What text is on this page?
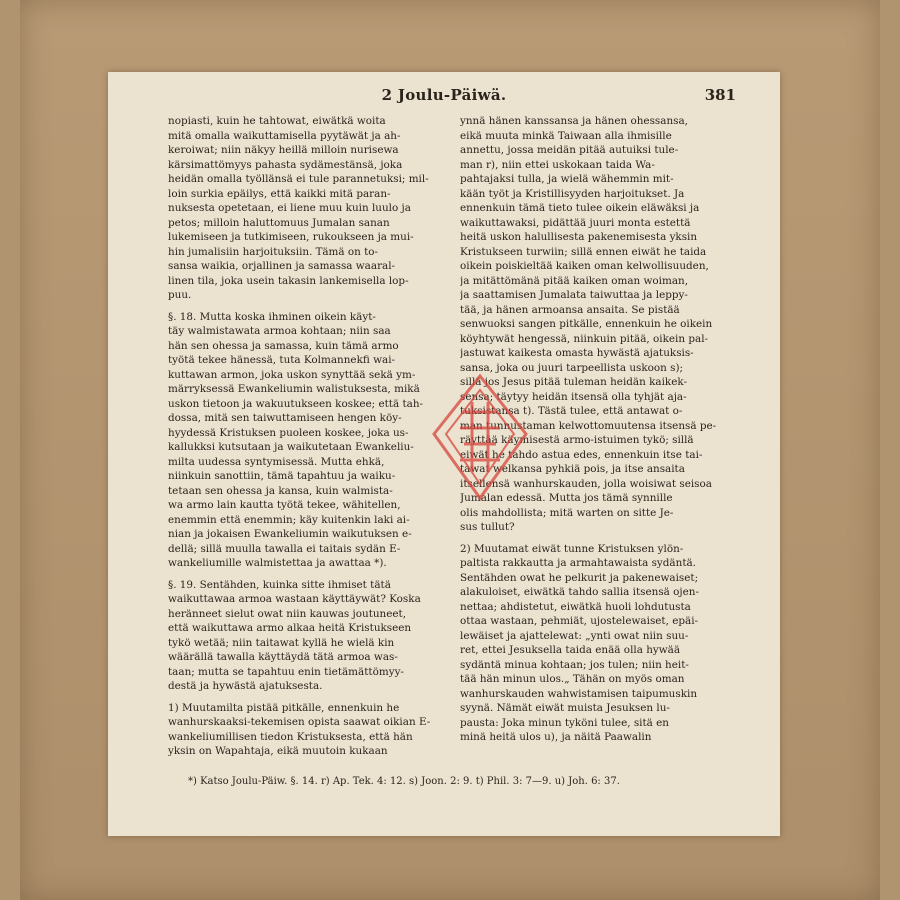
2 Joulu-Päiwä.	381
nopiasti, kuin he tahtowat, eiwätkä woita
mitä omalla waikuttamisella pyytäwät ja ah-
keroiwat; niin näkyy heillä milloin nurisewa
kärsimattömyys pahasta sydämestänsä, joka
heidän omalla työllänsä ei tule parannetuksi; mil-
loin surkia epäilys, että kaikki mitä paran-
nuksesta opetetaan, ei liene muu kuin luulo ja
petos; milloin haluttomuus Jumalan sanan
lukemiseen ja tutkimiseen, rukoukseen ja mui-
hin jumalisiin harjoituksiin. Tämä on to-
sansa waikia, orjallinen ja samassa waaral-
linen tila, joka usein takasin lankemisella lop-
puu.
§. 18. Mutta koska ihminen oikein käyt-
täy walmistawata armoa kohtaan; niin saa
hän sen ohessa ja samassa, kuin tämä armo
työtä tekee hänessä, tuta Kolmannekfi wai-
kuttawan armon, joka uskon synyttää sekä ym-
märryksessä Ewankeliumin walistuksesta, mikä
uskon tietoon ja wakuutukseen koskee; että tah-
dossa, mitä sen taiwuttamiseen hengen köy-
hyydessä Kristuksen puoleen koskee, joka us-
kallukksi kutsutaan ja waikutetaan Ewankeliu-
milta uudessa syntymisessä. Mutta ehkä,
niinkuin sanottiin, tämä tapahtuu ja waiku-
tetaan sen ohessa ja kansa, kuin walmista-
wa armo lain kautta työtä tekee, wähitellen,
enemmin että enemmin; käy kuitenkin laki ai-
nian ja jokaisen Ewankeliumin waikutuksen e-
dellä; sillä muulla tawalla ei taitais sydän E-
wankeliumille walmistettaa ja awattaa *).
§. 19. Sentähden, kuinka sitte ihmiset tätä
waikuttawaa armoa wastaan käyttäywät? Koska
heränneet sielut owat niin kauwas joutuneet,
että waikuttawa armo alkaa heitä Kristukseen
tykö wetää; niin taitawat kyllä he wielä kin
wäärällä tawalla käyttäydä tätä armoa was-
taan; mutta se tapahtuu enin tietämättömyy-
destä ja hywästä ajatuksesta.
1) Muutamilta pistää pitkälle, ennenkuin he
wanhurskaaksi-tekemisen opista saawat oikian E-
wankeliumillisen tiedon Kristuksesta, että hän
yksin on Wapahtaja, eikä muutoin kukaan
ynnä hänen kanssansa ja hänen ohessansa,
eikä muuta minkä Taiwaan alla ihmisille
annettu, jossa meidän pitää autuiksi tule-
man r), niin ettei uskokaan taida Wa-
pahtajaksi tulla, ja wielä wähemmin mit-
kään työt ja Kristillisyyden harjoitukset. Ja
ennenkuin tämä tieto tulee oikein eläwäksi ja
waikuttawaksi, pidättää juuri monta estettä
heitä uskon halullisesta pakenemisesta yksin
Kristukseen turwiin; sillä ennen eiwät he taida
oikein poiskieltää kaiken oman kelwollisuuden,
ja mitättömänä pitää kaiken oman woiman,
ja saattamisen Jumalata taiwuttaa ja leppy-
tää, ja hänen armoansa ansaita. Se pistää
senwuoksi sangen pitkälle, ennenkuin he oikein
köyhtywät hengessä, niinkuin pitää, oikein pal-
jastuwat kaikesta omasta hywästä ajatuksis-
sansa, joka ou juuri tarpeellista uskoon s);
sillä jos Jesus pitää tuleman heidän kaikek-
sensa; täytyy heidän itsensä olla tyhjät aja-
tuksistansa t). Tästä tulee, että antawat o-
man tunnustaman kelwottomuutensa itsensä pe-
räyttää käymisestä armo-istuimen tykö; sillä
eiwät he tahdo astua edes, ennenkuin itse tai-
tawat welkansa pyhkiä pois, ja itse ansaita
itsellensä wanhurskauden, jolla woisiwat seisoa
Jumalan edessä. Mutta jos tämä synnille
olis mahdollista; mitä warten on sitte Je-
sus tullut?
2) Muutamat eiwät tunne Kristuksen ylön-
paltista rakkautta ja armahtawaista sydäntä.
Sentähden owat he pelkurit ja pakenewaiset;
alakuloiset, eiwätkä tahdo sallia itsensä ojen-
nettaa; ahdistetut, eiwätkä huoli lohdutusta
ottaa wastaan, pehmiät, ujostelewaiset, epäi-
lewäiset ja ajattelewat: „ynti owat niin suu-
ret, ettei Jesuksella taida enää olla hywää
sydäntä minua kohtaan; jos tulen; niin heit-
tää hän minun ulos.„ Tähän on myös oman
wanhurskauden wahwistamisen taipumuskin
syynä. Nämät eiwät muista Jesuksen lu-
pausta: Joka minun tyköni tulee, sitä en
minä heitä ulos u), ja näitä Paawalin
*) Katso Joulu-Päiw. §. 14. r) Ap. Tek. 4: 12. s) Joon. 2: 9. t) Phil. 3: 7—9. u) Joh. 6: 37.
